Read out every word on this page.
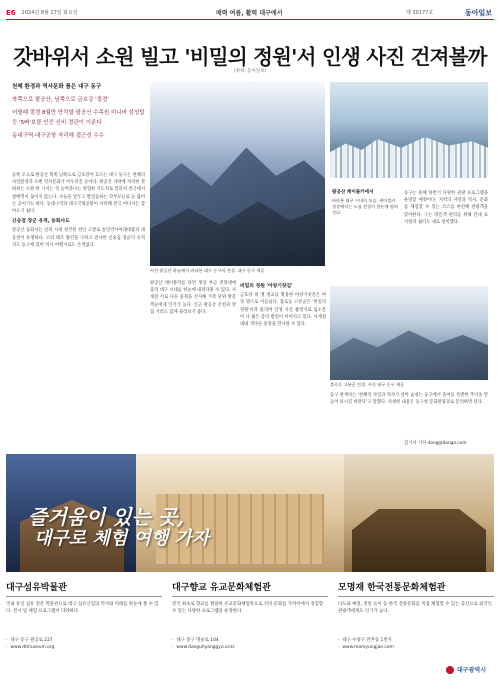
E6 2024년 8월 27일 화요일	매력 여름, 활력 대구에서	제 30177호	동아일보
갓바위서 소원 빌고 '비밀의 정원'서 인생 사진 건져볼까
(취재: 동아일보)

천혜 환경과 역사문화 품은 대구 동구

북쪽으로 팔공산, 남쪽으로 금호강 '절경'

어릴때 절경 8월만 만끽할 팔공산 수목원 미니버 삼성탑 등 '5빠'보물 인증 신비 경관이 이룬다

동대구역·대구공항 자리해 접근성 우수

사진 팔공산 하늘에서 바라본 대구 동구의 전경. 대구 동구 제공
팔공산 케이블카에서
바라본 대구 시내의 모습. 케이블카 정상에서는 도심 전경이 한눈에 펼쳐진다.

동쪽 모으로 팔공산 북쪽 남쪽으로 금호강이 흐르는 대구 동구는 천혜의 자연환경과 오랜 역사문화가 어우러진 곳이다. 팔공산 자락에 자리한 갓바위는 소원 한 가지는 꼭 들어준다는 영험한 기도처로 알려져 전국에서 참배객이 끊이지 않는다. 수능을 앞두고 발걸음하는 학부모들로 늘 붐비는 곳이기도 하다. 동대구역과 대구국제공항이 자리해 전국 어디서든 찾아오기 쉽다.

신숭겸 장군 유적, 동화사도

팔공산 동화사는 신라 시대 창건된 천년 고찰로 통일약사여래대불과 대웅전이 유명하다. 고려 태조 왕건을 구하고 전사한 신숭겸 장군의 유적지도 동구에 있어 역사 여행지로도 손색없다.

팔공산 케이블카를 타면 정상 부근 전망대에 올라 대구 시내를 한눈에 내려다볼 수 있다. 사계절 서로 다른 풍경을 선사해 가족 단위 방문객들에게 인기가 높다. 인근 팔공산 온천과 맛집 거리도 함께 둘러보기 좋다.

비밀의 정원 '아양기찻길'

금호강 위 옛 철교를 활용한 아양기찻길은 야경 명소로 이름났다. 불로동 고분군은 '비밀의 정원'이라 불리며 인생 사진 촬영지로 입소문이 나 젊은 층의 발길이 이어지고 있다. 사계절 내내 색다른 풍경을 만나볼 수 있다.

동구는 올해 하반기 다양한 관광 프로그램을 운영할 예정이다. 지역의 자연과 역사, 문화를 체험할 수 있는 코스를 마련해 관광객을 맞이한다. 구는 방문객 편의를 위해 안내 표지판과 쉼터도 새로 정비했다.

불로동 고분군 전경. 사진 대구 동구 제공

동구 관계자는 '천혜의 자연과 역사가 살아 숨쉬는 동구에서 올여름 특별한 추억을 만들어 보시길 바란다'고 말했다. 자세한 내용은 동구청 문화관광과로 문의하면 된다.

김기자 기자 dong@donga.com
즐거움이 있는 곳,
대구로 체험 여행 가자
대구섬유박물관
국내 유일 섬유 전문 박물관으로 대구 섬유산업의 역사와 미래를 한눈에 볼 수 있다. 전시 및 체험 프로그램이 다양하다.
· 대구 동구 팔공로 227
· www.dtmuseum.org
대구향교 유교문화체험관
전국 최초로 향교를 활용한 유교문화체험관으로 선비 문화를 가까이에서 경험할 수 있는 다양한 프로그램을 운영한다.
· 대구 중구 명륜로 104
· www.daeguhyanggyo.or.kr
모명재 한국전통문화체험관
다도와 예절, 전통 놀이 등 한국 전통문화를 직접 체험할 수 있는 공간으로 외국인 관광객에게도 인기가 높다.
· 대구 수성구 만촌동 1번지
· www.momyungjae.com
대구광역시
